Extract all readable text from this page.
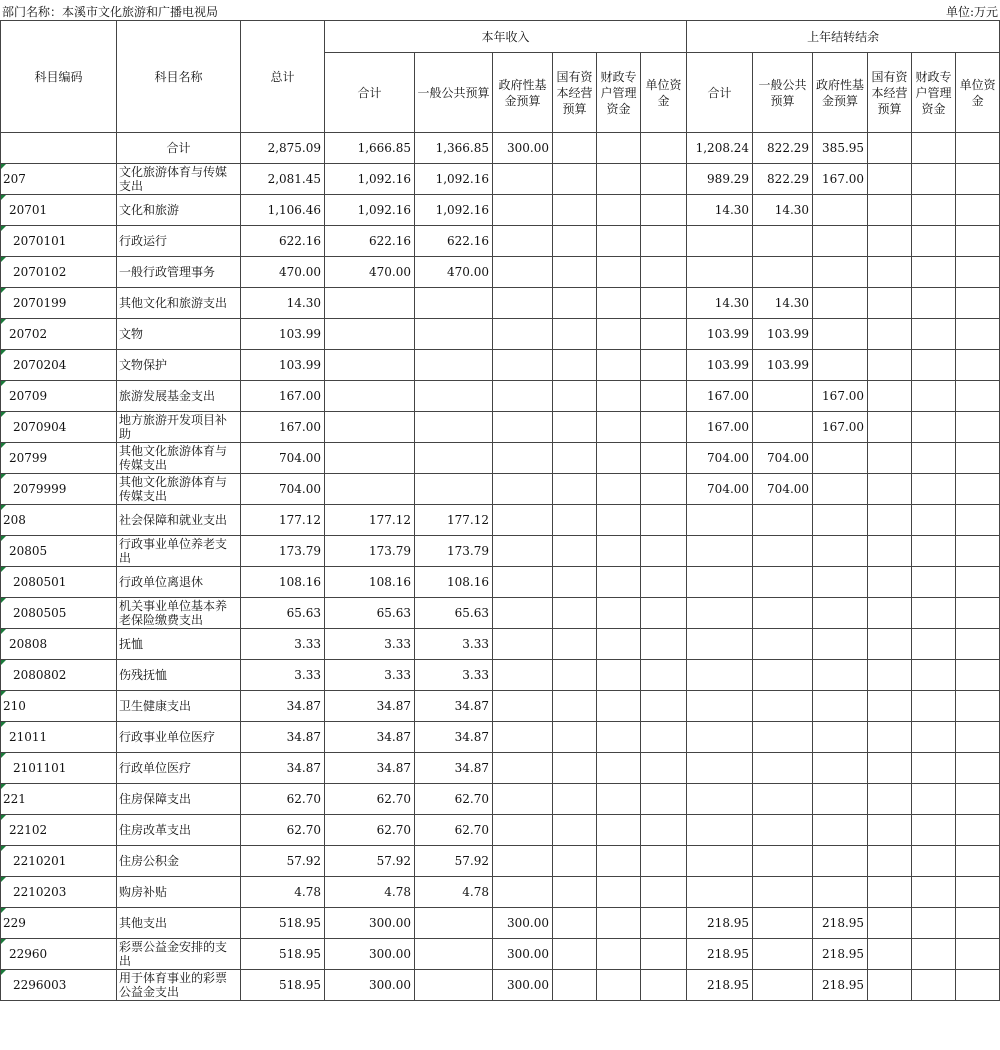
部门名称：本溪市文化旅游和广播电视局	单位:万元
科目编码	科目名称	总计	本年收入						上年结转结余					
			合计	一般公共预算	政府性基金预算	国有资本经营预算	财政专户管理资金	单位资金	合计	一般公共预算	政府性基金预算	国有资本经营预算	财政专户管理资金	单位资金
	合计	2,875.09	1,666.85	1,366.85	300.00				1,208.24	822.29	385.95			
207	文化旅游体育与传媒支出	2,081.45	1,092.16	1,092.16					989.29	822.29	167.00			
20701	文化和旅游	1,106.46	1,092.16	1,092.16					14.30	14.30				
2070101	行政运行	622.16	622.16	622.16										
2070102	一般行政管理事务	470.00	470.00	470.00										
2070199	其他文化和旅游支出	14.30							14.30	14.30				
20702	文物	103.99							103.99	103.99				
2070204	文物保护	103.99							103.99	103.99				
20709	旅游发展基金支出	167.00							167.00		167.00			
2070904	地方旅游开发项目补助	167.00							167.00		167.00			
20799	其他文化旅游体育与传媒支出	704.00							704.00	704.00				
2079999	其他文化旅游体育与传媒支出	704.00							704.00	704.00				
208	社会保障和就业支出	177.12	177.12	177.12										
20805	行政事业单位养老支出	173.79	173.79	173.79										
2080501	行政单位离退休	108.16	108.16	108.16										
2080505	机关事业单位基本养老保险缴费支出	65.63	65.63	65.63										
20808	抚恤	3.33	3.33	3.33										
2080802	伤残抚恤	3.33	3.33	3.33										
210	卫生健康支出	34.87	34.87	34.87										
21011	行政事业单位医疗	34.87	34.87	34.87										
2101101	行政单位医疗	34.87	34.87	34.87										
221	住房保障支出	62.70	62.70	62.70										
22102	住房改革支出	62.70	62.70	62.70										
2210201	住房公积金	57.92	57.92	57.92										
2210203	购房补贴	4.78	4.78	4.78										
229	其他支出	518.95	300.00		300.00				218.95		218.95			
22960	彩票公益金安排的支出	518.95	300.00		300.00				218.95		218.95			
2296003	用于体育事业的彩票公益金支出	518.95	300.00		300.00				218.95		218.95			
